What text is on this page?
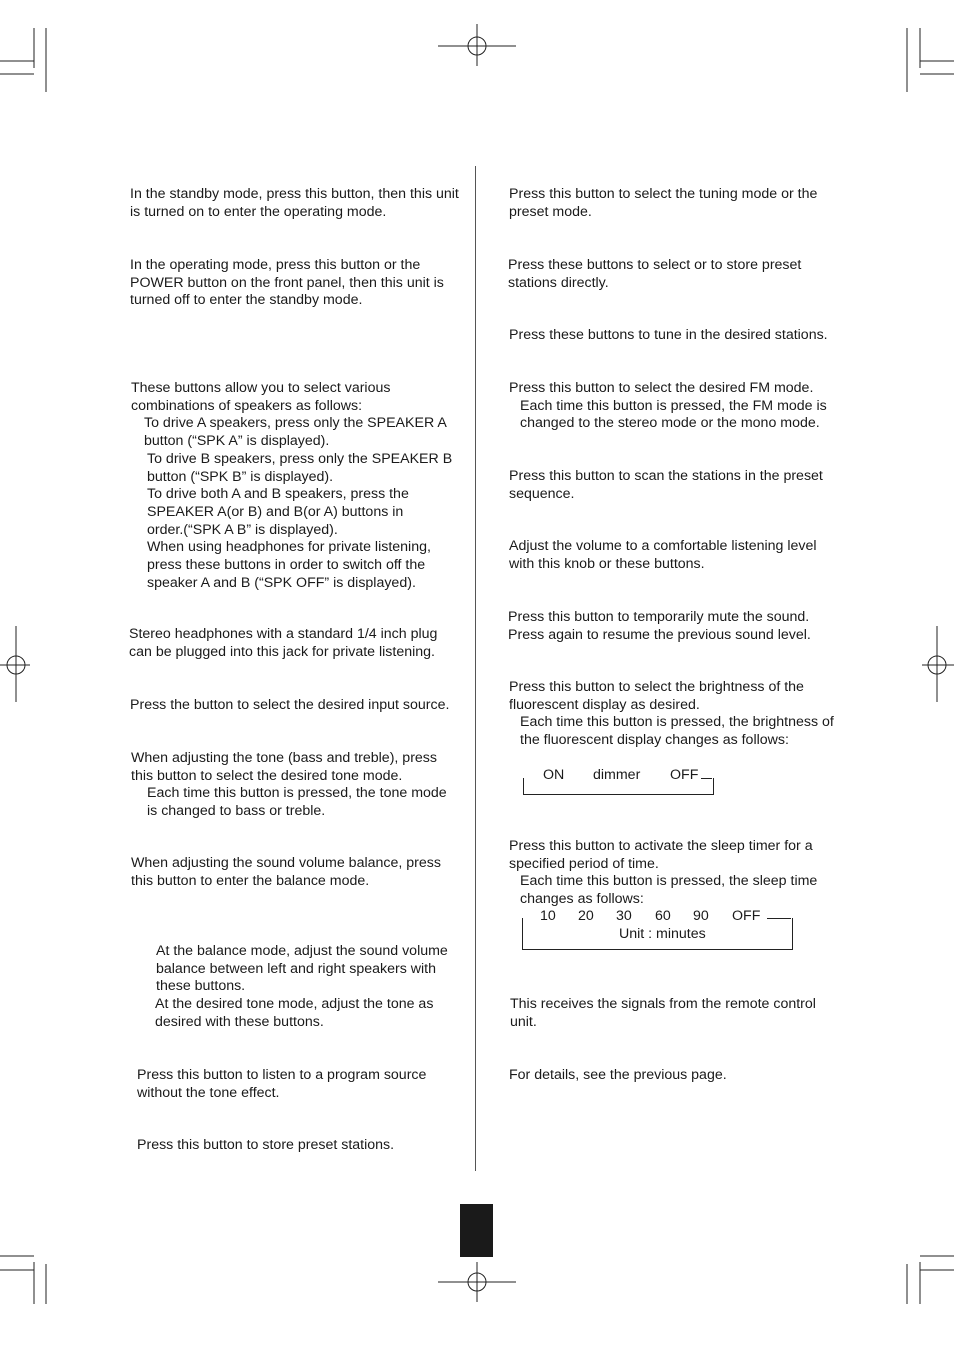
In the standby mode, press this button, then this unit
is turned on to enter the operating mode.
In the operating mode, press this button or the
POWER button on the front panel, then this unit is
turned off to enter the standby mode.
These buttons allow you to select various
combinations of speakers as follows:
To drive A speakers, press only the SPEAKER A
button (“SPK A” is displayed).
To drive B speakers, press only the SPEAKER B
button (“SPK B” is displayed).
To drive both A and B speakers, press the
SPEAKER A(or B) and B(or A) buttons in
order.(“SPK A B” is displayed).
When using headphones for private listening,
press these buttons in order to switch off the
speaker A and B (“SPK OFF” is displayed).
Stereo headphones with a standard 1/4 inch plug
can be plugged into this jack for private listening.
Press the button to select the desired input source.
When adjusting the tone (bass and treble), press
this button to select the desired tone mode.
Each time this button is pressed, the tone mode
is changed to bass or treble.
When adjusting the sound volume balance, press
this button to enter the balance mode.
At the balance mode, adjust the sound volume
balance between left and right speakers with
these buttons.
At the desired tone mode, adjust the tone as
desired with these buttons.
Press this button to listen to a program source
without the tone effect.
Press this button to store preset stations.
Press this button to select the tuning mode or the
preset mode.
Press these buttons to select or to store preset
stations directly.
Press these buttons to tune in the desired stations.
Press this button to select the desired FM mode.
Each time this button is pressed, the FM mode is
changed to the stereo mode or the mono mode.
Press this button to scan the stations in the preset
sequence.
Adjust the volume to a comfortable listening level
with this knob or these buttons.
Press this button to temporarily mute the sound.
Press again to resume the previous sound level.
Press this button to select the brightness of the
fluorescent display as desired.
Each time this button is pressed, the brightness of
the fluorescent display changes as follows:
ON dimmer OFF
Press this button to activate the sleep timer for a
specified period of time.
Each time this button is pressed, the sleep time
changes as follows:
10 20 30 60 90 OFF
Unit : minutes
This receives the signals from the remote control
unit.
For details, see the previous page.
